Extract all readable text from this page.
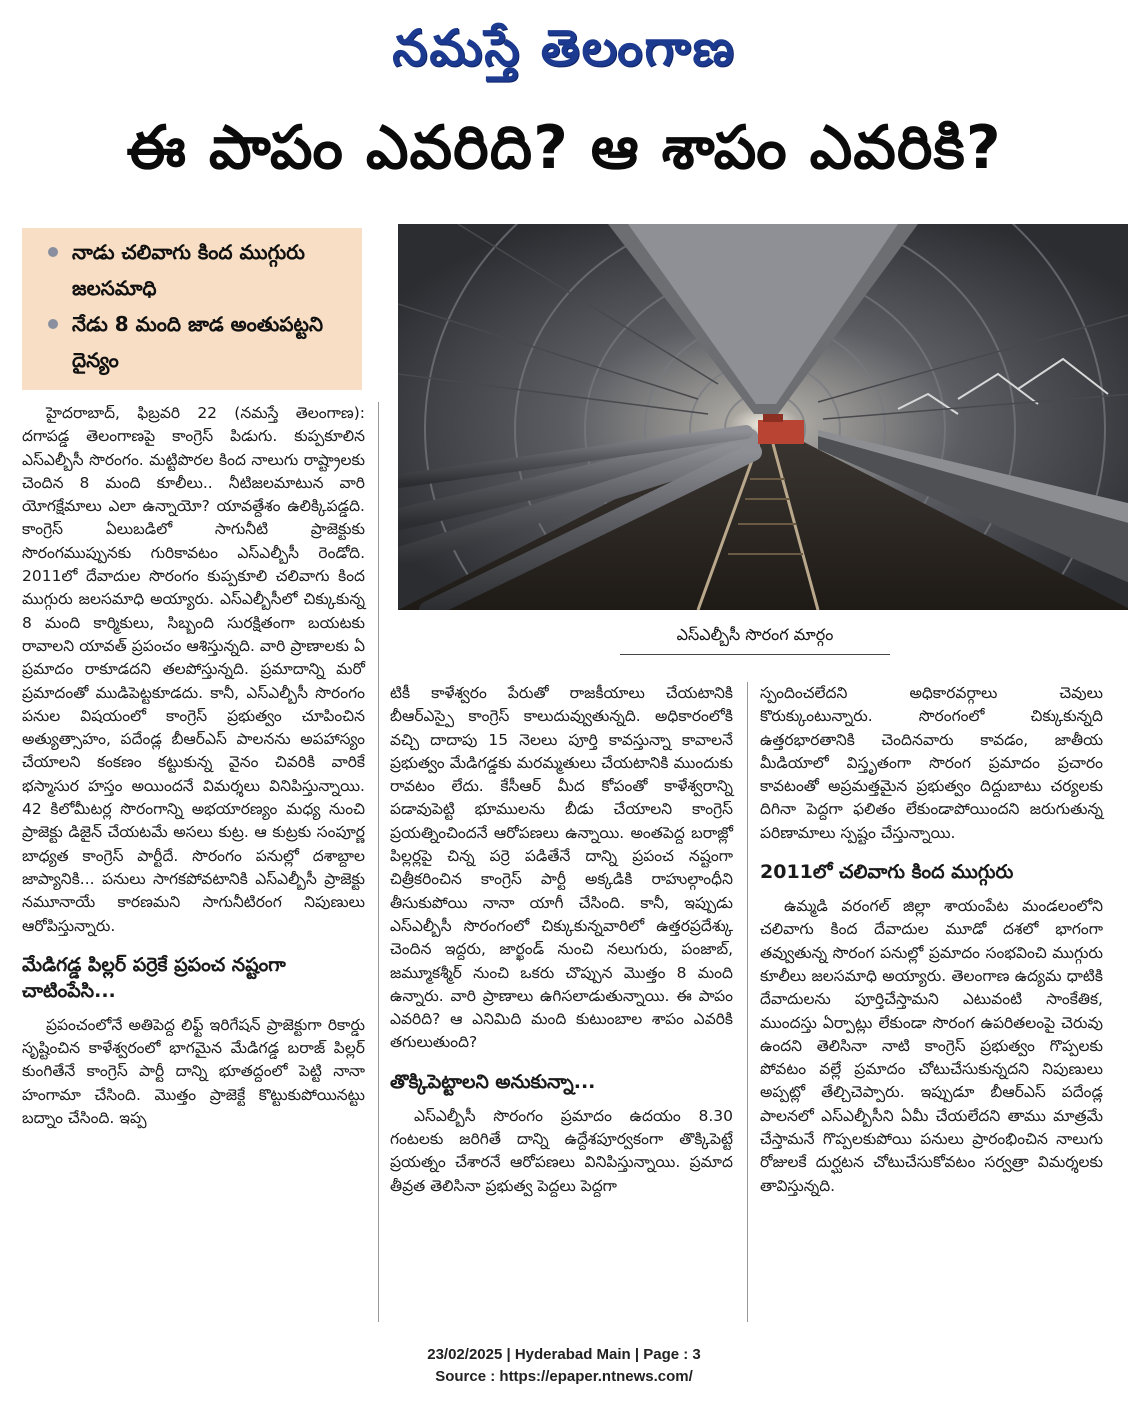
నమస్తే తెలంగాణ
ఈ పాపం ఎవరిది? ఆ శాపం ఎవరికి?
నాడు చలివాగు కింద ముగ్గురు జలసమాధి
నేడు 8 మంది జాడ అంతుపట్టని దైన్యం
ఎస్ఎల్బీసీ సొరంగ మార్గం

హైదరాబాద్, ఫిబ్రవరి 22 (నమస్తే తెలంగాణ): దగాపడ్డ తెలంగాణపై కాంగ్రెస్ పిడుగు. కుప్పకూలిన ఎస్ఎల్బీసీ సొరంగం. మట్టిపొరల కింద నాలుగు రాష్ట్రాలకు చెందిన 8 మంది కూలీలు.. నీటిజలమాటున వారి యోగక్షేమాలు ఎలా ఉన్నాయో? యావత్దేశం ఉలిక్కిపడ్డది. కాంగ్రెస్ ఏలుబడిలో సాగునీటి ప్రాజెక్టుకు సొరంగముప్పునకు గురికావటం ఎస్ఎల్బీసీ రెండోది. 2011లో దేవాదుల సొరంగం కుప్పకూలి చలివాగు కింద ముగ్గురు జలసమాధి అయ్యారు. ఎస్ఎల్బీసీలో చిక్కుకున్న 8 మంది కార్మికులు, సిబ్బంది సురక్షితంగా బయటకు రావాలని యావత్ ప్రపంచం ఆశిస్తున్నది. వారి ప్రాణాలకు ఏ ప్రమాదం రాకూడదని తలపోస్తున్నది. ప్రమాదాన్ని మరో ప్రమాదంతో ముడిపెట్టకూడదు. కానీ, ఎస్ఎల్బీసీ సొరంగం పనుల విషయంలో కాంగ్రెస్ ప్రభుత్వం చూపించిన అత్యుత్సాహం, పదేండ్ల బీఆర్ఎస్ పాలనను అపహాస్యం చేయాలని కంకణం కట్టుకున్న వైనం చివరికి వారికే భస్మాసుర హస్తం అయిందనే విమర్శలు వినిపిస్తున్నాయి. 42 కిలోమీటర్ల సొరంగాన్ని అభయారణ్యం మధ్య నుంచి ప్రాజెక్టు డిజైన్ చేయటమే అసలు కుట్ర. ఆ కుట్రకు సంపూర్ణ బాధ్యత కాంగ్రెస్ పార్టీదే. సొరంగం పనుల్లో దశాబ్దాల జాప్యానికి... పనులు సాగకపోవటానికి ఎస్ఎల్బీసీ ప్రాజెక్టు నమూనాయే కారణమని సాగునీటిరంగ నిపుణులు ఆరోపిస్తున్నారు.

మేడిగడ్డ పిల్లర్ పర్రెకే ప్రపంచ నష్టంగా చాటింపేసి...

ప్రపంచంలోనే అతిపెద్ద లిఫ్ట్ ఇరిగేషన్ ప్రాజెక్టుగా రికార్డు సృష్టించిన కాళేశ్వరంలో భాగమైన మేడిగడ్డ బరాజ్ పిల్లర్ కుంగితేనే కాంగ్రెస్ పార్టీ దాన్ని భూతద్దంలో పెట్టి నానా హంగామా చేసింది. మొత్తం ప్రాజెక్టే కొట్టుకుపోయినట్టు బద్నాం చేసింది. ఇప్ప

టికీ కాళేశ్వరం పేరుతో రాజకీయాలు చేయటానికి బీఆర్ఎస్పై కాంగ్రెస్ కాలుదువ్వుతున్నది. అధికారంలోకి వచ్చి దాదాపు 15 నెలలు పూర్తి కావస్తున్నా కావాలనే ప్రభుత్వం మేడిగడ్డకు మరమ్మతులు చేయటానికి ముందుకు రావటం లేదు. కేసీఆర్ మీద కోపంతో కాళేశ్వరాన్ని పడావుపెట్టి భూములను బీడు చేయాలని కాంగ్రెస్ ప్రయత్నించిందనే ఆరోపణలు ఉన్నాయి. అంతపెద్ద బరాజ్లో పిల్లర్లపై చిన్న పర్రె పడితేనే దాన్ని ప్రపంచ నష్టంగా చిత్రీకరించిన కాంగ్రెస్ పార్టీ అక్కడికి రాహుల్గాంధీని తీసుకుపోయి నానా యాగీ చేసింది. కానీ, ఇప్పుడు ఎస్ఎల్బీసీ సొరంగంలో చిక్కుకున్నవారిలో ఉత్తరప్రదేశ్కు చెందిన ఇద్దరు, జార్ఖండ్ నుంచి నలుగురు, పంజాబ్, జమ్మూకశ్మీర్ నుంచి ఒకరు చొప్పున మొత్తం 8 మంది ఉన్నారు. వారి ప్రాణాలు ఉగిసలాడుతున్నాయి. ఈ పాపం ఎవరిది? ఆ ఎనిమిది మంది కుటుంబాల శాపం ఎవరికి తగులుతుంది?

తొక్కిపెట్టాలని అనుకున్నా...

ఎస్ఎల్బీసీ సొరంగం ప్రమాదం ఉదయం 8.30 గంటలకు జరిగితే దాన్ని ఉద్దేశపూర్వకంగా తొక్కిపెట్టే ప్రయత్నం చేశారనే ఆరోపణలు వినిపిస్తున్నాయి. ప్రమాద తీవ్రత తెలిసినా ప్రభుత్వ పెద్దలు పెద్దగా

స్పందించలేదని అధికారవర్గాలు చెవులు కొరుక్కుంటున్నారు. సొరంగంలో చిక్కుకున్నది ఉత్తరభారతానికి చెందినవారు కావడం, జాతీయ మీడియాలో విస్తృతంగా సొరంగ ప్రమాదం ప్రచారం కావటంతో అప్రమత్తమైన ప్రభుత్వం దిద్దుబాటు చర్యలకు దిగినా పెద్దగా ఫలితం లేకుండాపోయిందని జరుగుతున్న పరిణామాలు స్పష్టం చేస్తున్నాయి.

2011లో చలివాగు కింద ముగ్గురు

ఉమ్మడి వరంగల్ జిల్లా శాయంపేట మండలంలోని చలివాగు కింద దేవాదుల మూడో దశలో భాగంగా తవ్వుతున్న సొరంగ పనుల్లో ప్రమాదం సంభవించి ముగ్గురు కూలీలు జలసమాధి అయ్యారు. తెలంగాణ ఉద్యమ ధాటికి దేవాదులను పూర్తిచేస్తామని ఎటువంటి సాంకేతిక, ముందస్తు ఏర్పాట్లు లేకుండా సొరంగ ఉపరితలంపై చెరువు ఉందని తెలిసినా నాటి కాంగ్రెస్ ప్రభుత్వం గొప్పలకు పోవటం వల్లే ప్రమాదం చోటుచేసుకున్నదని నిపుణులు అప్పట్లో తేల్చిచెప్పారు. ఇప్పుడూ బీఆర్ఎస్ పదేండ్ల పాలనలో ఎస్ఎల్బీసీని ఏమీ చేయలేదని తాము మాత్రమే చేస్తామనే గొప్పలకుపోయి పనులు ప్రారంభించిన నాలుగు రోజులకే దుర్ఘటన చోటుచేసుకోవటం సర్వత్రా విమర్శలకు తావిస్తున్నది.

23/02/2025 | Hyderabad Main | Page : 3
Source : https://epaper.ntnews.com/
